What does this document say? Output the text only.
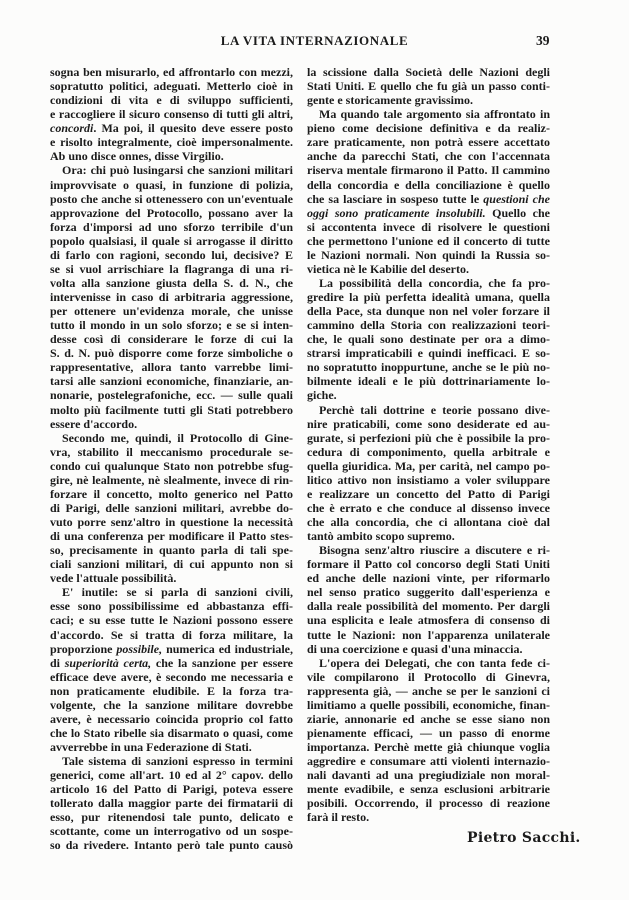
LA VITA INTERNAZIONALE	39
sogna ben misurarlo, ed affrontarlo con mezzi,
sopratutto politici, adeguati. Metterlo cioè in
condizioni di vita e di sviluppo sufficienti,
e raccogliere il sicuro consenso di tutti gli altri,
concordi. Ma poi, il quesito deve essere posto
e risolto integralmente, cioè impersonalmente.
Ab uno disce onnes, disse Virgilio.
Ora: chi può lusingarsi che sanzioni militari
improvvisate o quasi, in funzione di polizia,
posto che anche si ottenessero con un'eventuale
approvazione del Protocollo, possano aver la
forza d'imporsi ad uno sforzo terribile d'un
popolo qualsiasi, il quale si arrogasse il diritto
di farlo con ragioni, secondo lui, decisive? E
se si vuol arrischiare la flagranga di una ri-
volta alla sanzione giusta della S. d. N., che
intervenisse in caso di arbitraria aggressione,
per ottenere un'evidenza morale, che unisse
tutto il mondo in un solo sforzo; e se si inten-
desse così di considerare le forze di cui la
S. d. N. può disporre come forze simboliche o
rappresentative, allora tanto varrebbe limi-
tarsi alle sanzioni economiche, finanziarie, an-
nonarie, postelegrafoniche, ecc. — sulle quali
molto più facilmente tutti gli Stati potrebbero
essere d'accordo.
Secondo me, quindi, il Protocollo di Gine-
vra, stabilito il meccanismo procedurale se-
condo cui qualunque Stato non potrebbe sfug-
gire, nè lealmente, nè slealmente, invece di rin-
forzare il concetto, molto generico nel Patto
di Parigi, delle sanzioni militari, avrebbe do-
vuto porre senz'altro in questione la necessità
di una conferenza per modificare il Patto stes-
so, precisamente in quanto parla di tali spe-
ciali sanzioni militari, di cui appunto non si
vede l'attuale possibilità.
E' inutile: se si parla di sanzioni civili,
esse sono possibilissime ed abbastanza effi-
caci; e su esse tutte le Nazioni possono essere
d'accordo. Se si tratta di forza militare, la
proporzione possibile, numerica ed industriale,
di superiorità certa, che la sanzione per essere
efficace deve avere, è secondo me necessaria e
non praticamente eludibile. E la forza tra-
volgente, che la sanzione militare dovrebbe
avere, è necessario coincida proprio col fatto
che lo Stato ribelle sia disarmato o quasi, come
avverrebbe in una Federazione di Stati.
Tale sistema di sanzioni espresso in termini
generici, come all'art. 10 ed al 2° capov. dello
articolo 16 del Patto di Parigi, poteva essere
tollerato dalla maggior parte dei firmatarii di
esso, pur ritenendosi tale punto, delicato e
scottante, come un interrogativo od un sospe-
so da rivedere. Intanto però tale punto causò
la scissione dalla Società delle Nazioni degli
Stati Uniti. E quello che fu già un passo conti-
gente e storicamente gravissimo.
Ma quando tale argomento sia affrontato in
pieno come decisione definitiva e da realiz-
zare praticamente, non potrà essere accettato
anche da parecchi Stati, che con l'accennata
riserva mentale firmarono il Patto. Il cammino
della concordia e della conciliazione è quello
che sa lasciare in sospeso tutte le questioni che
oggi sono praticamente insolubili. Quello che
si accontenta invece di risolvere le questioni
che permettono l'unione ed il concerto di tutte
le Nazioni normali. Non quindi la Russia so-
vietica nè le Kabilie del deserto.
La possibilità della concordia, che fa pro-
gredire la più perfetta idealità umana, quella
della Pace, sta dunque non nel voler forzare il
cammino della Storia con realizzazioni teori-
che, le quali sono destinate per ora a dimo-
strarsi impraticabili e quindi inefficaci. E so-
no sopratutto inoppurtune, anche se le più no-
bilmente ideali e le più dottrinariamente lo-
giche.
Perchè tali dottrine e teorie possano dive-
nire praticabili, come sono desiderate ed au-
gurate, si perfezioni più che è possibile la pro-
cedura di componimento, quella arbitrale e
quella giuridica. Ma, per carità, nel campo po-
litico attivo non insistiamo a voler sviluppare
e realizzare un concetto del Patto di Parigi
che è errato e che conduce al dissenso invece
che alla concordia, che ci allontana cioè dal
tantò ambito scopo supremo.
Bisogna senz'altro riuscire a discutere e ri-
formare il Patto col concorso degli Stati Uniti
ed anche delle nazioni vinte, per riformarlo
nel senso pratico suggerito dall'esperienza e
dalla reale possibilità del momento. Per dargli
una esplicita e leale atmosfera di consenso di
tutte le Nazioni: non l'apparenza unilaterale
di una coercizione e quasi d'una minaccia.
L'opera dei Delegati, che con tanta fede ci-
vile compilarono il Protocollo di Ginevra,
rappresenta già, — anche se per le sanzioni ci
limitiamo a quelle possibili, economiche, finan-
ziarie, annonarie ed anche se esse siano non
pienamente efficaci, — un passo di enorme
importanza. Perchè mette già chiunque voglia
aggredire e consumare atti violenti internazio-
nali davanti ad una pregiudiziale non moral-
mente evadibile, e senza esclusioni arbitrarie
posibili. Occorrendo, il processo di reazione
farà il resto.
Pietro Sacchi.
